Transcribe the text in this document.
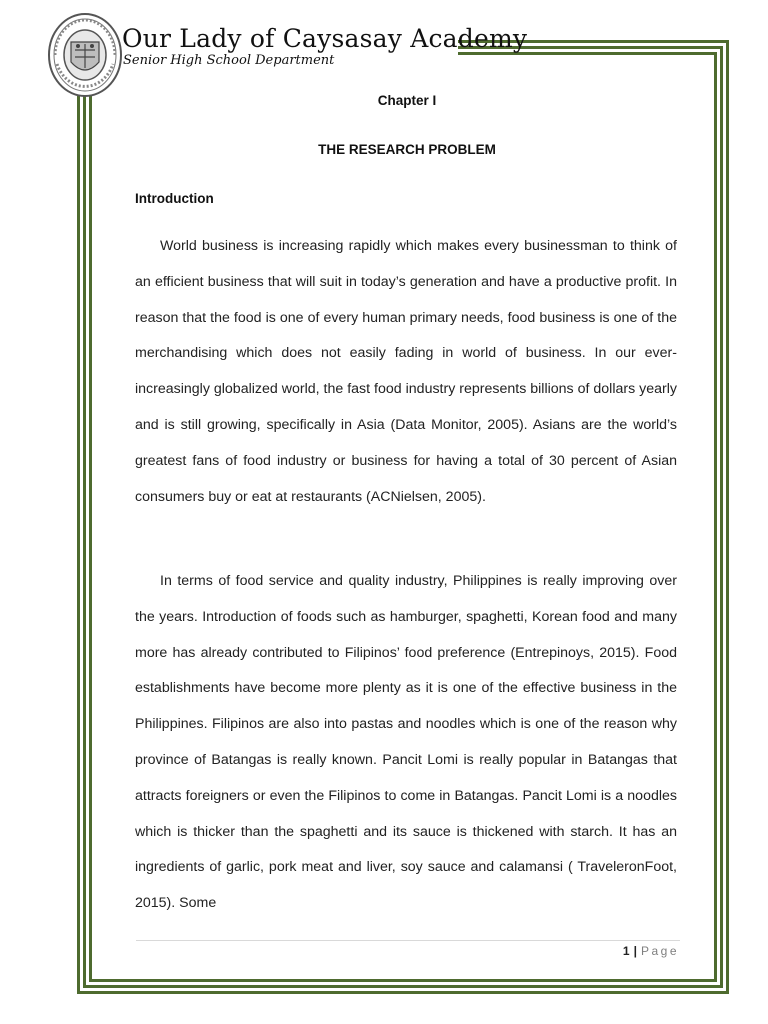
Our Lady of Caysasay Academy
Senior High School Department
Chapter I
THE RESEARCH PROBLEM
Introduction

World business is increasing rapidly which makes every businessman to think of an efficient business that will suit in today’s generation and have a productive profit. In reason that the food is one of every human primary needs, food business is one of the merchandising which does not easily fading in world of business. In our ever-increasingly globalized world, the fast food industry represents billions of dollars yearly and is still growing, specifically in Asia (Data Monitor, 2005). Asians are the world’s greatest fans of food industry or business for having a total of 30 percent of Asian consumers buy or eat at restaurants (ACNielsen, 2005).

In terms of food service and quality industry, Philippines is really improving over the years. Introduction of foods such as hamburger, spaghetti, Korean food and many more has already contributed to Filipinos’ food preference (Entrepinoys, 2015). Food establishments have become more plenty as it is one of the effective business in the Philippines. Filipinos are also into pastas and noodles which is one of the reason why province of Batangas is really known. Pancit Lomi is really popular in Batangas that attracts foreigners or even the Filipinos to come in Batangas. Pancit Lomi is a noodles which is thicker than the spaghetti and its sauce is thickened with starch. It has an ingredients of garlic, pork meat and liver, soy sauce and calamansi ( TraveleronFoot, 2015). Some

1 | Page
